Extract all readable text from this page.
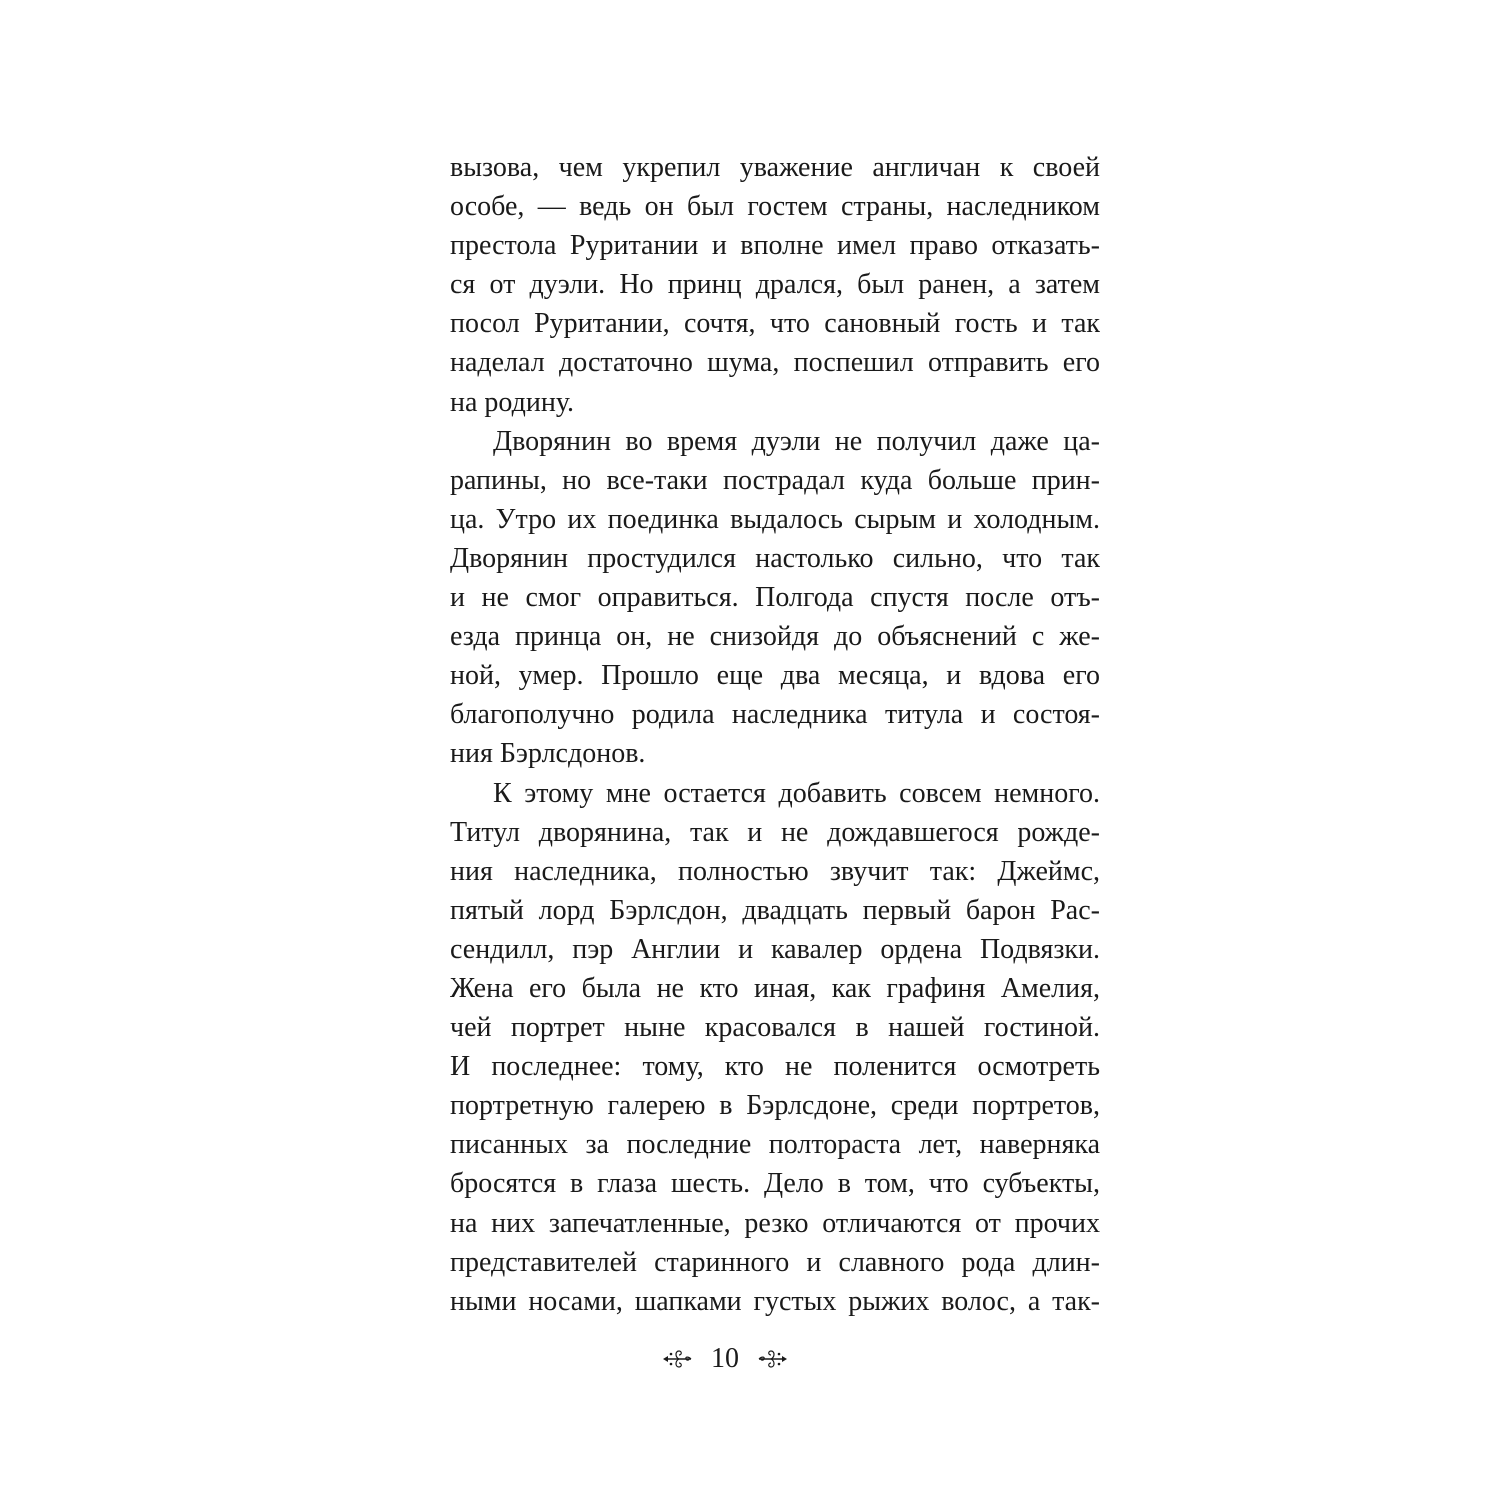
вызова, чем укрепил уважение англичан к своей
особе, — ведь он был гостем страны, наследником
престола Руритании и вполне имел право отказать-
ся от дуэли. Но принц дрался, был ранен, а затем
посол Руритании, сочтя, что сановный гость и так
наделал достаточно шума, поспешил отправить его
на родину.
Дворянин во время дуэли не получил даже ца-
рапины, но все-таки пострадал куда больше прин-
ца. Утро их поединка выдалось сырым и холодным.
Дворянин простудился настолько сильно, что так
и не смог оправиться. Полгода спустя после отъ-
езда принца он, не снизойдя до объяснений с же-
ной, умер. Прошло еще два месяца, и вдова его
благополучно родила наследника титула и состоя-
ния Бэрлсдонов.
К этому мне остается добавить совсем немного.
Титул дворянина, так и не дождавшегося рожде-
ния наследника, полностью звучит так: Джеймс,
пятый лорд Бэрлсдон, двадцать первый барон Рас-
сендилл, пэр Англии и кавалер ордена Подвязки.
Жена его была не кто иная, как графиня Амелия,
чей портрет ныне красовался в нашей гостиной.
И последнее: тому, кто не поленится осмотреть
портретную галерею в Бэрлсдоне, среди портретов,
писанных за последние полтораста лет, наверняка
бросятся в глаза шесть. Дело в том, что субъекты,
на них запечатленные, резко отличаются от прочих
представителей старинного и славного рода длин-
ными носами, шапками густых рыжих волос, а так-
10
